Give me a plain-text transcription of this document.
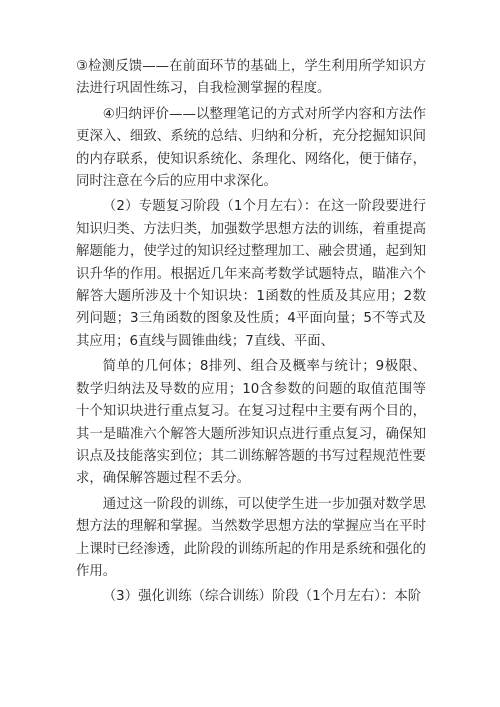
③检测反馈——在前面环节的基础上，学生利用所学知识方法进行巩固性练习，自我检测掌握的程度。

④归纳评价——以整理笔记的方式对所学内容和方法作更深入、细致、系统的总结、归纳和分析，充分挖掘知识间的内存联系，使知识系统化、条理化、网络化，便于储存，同时注意在今后的应用中求深化。

（2）专题复习阶段（1个月左右）：在这一阶段要进行知识归类、方法归类，加强数学思想方法的训练，着重提高解题能力，使学过的知识经过整理加工、融会贯通，起到知识升华的作用。根据近几年来高考数学试题特点，瞄准六个解答大题所涉及十个知识块：1函数的性质及其应用；2数列问题；3三角函数的图象及性质；4平面向量；5不等式及其应用；6直线与圆锥曲线；7直线、平面、

简单的几何体；8排列、组合及概率与统计；9极限、数学归纳法及导数的应用；10含参数的问题的取值范围等十个知识块进行重点复习。在复习过程中主要有两个目的，其一是瞄准六个解答大题所涉知识点进行重点复习，确保知识点及技能落实到位；其二训练解答题的书写过程规范性要求，确保解答题过程不丢分。

通过这一阶段的训练，可以使学生进一步加强对数学思想方法的理解和掌握。当然数学思想方法的掌握应当在平时上课时已经渗透，此阶段的训练所起的作用是系统和强化的作用。

（3）强化训练（综合训练）阶段（1个月左右）：本阶
